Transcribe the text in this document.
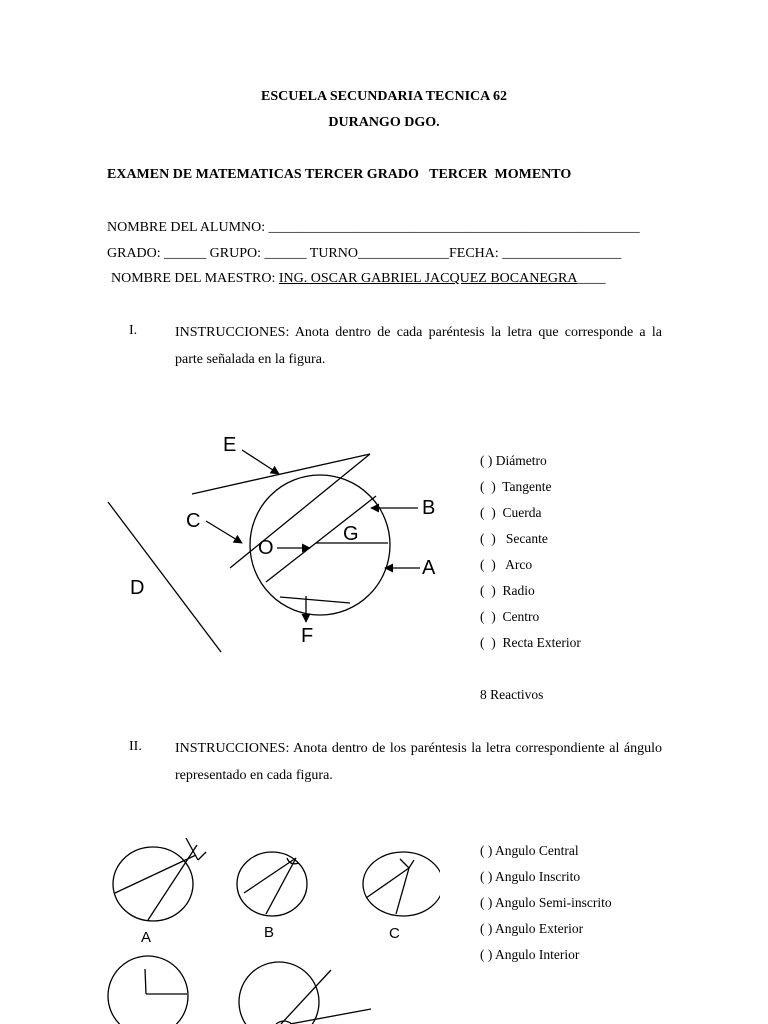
ESCUELA SECUNDARIA TECNICA 62
DURANGO DGO.
EXAMEN DE MATEMATICAS TERCER GRADO   TERCER  MOMENTO
NOMBRE DEL ALUMNO: _____________________________________________________
GRADO: ______ GRUPO: ______ TURNO_____________FECHA: _________________
NOMBRE DEL MAESTRO: ING. OSCAR GABRIEL JACQUEZ BOCANEGRA____
I.	INSTRUCCIONES: Anota dentro de cada paréntesis la letra que corresponde a la parte señalada en la figura.
E
C
O
G
B
A
D
F
( ) Diámetro
(  )  Tangente
(  )  Cuerda
(  )   Secante
(  )   Arco
(  )  Radio
(  )  Centro
(  )  Recta Exterior
8 Reactivos
II. INSTRUCCIONES: Anota dentro de los paréntesis la letra correspondiente al ángulo representado en cada figura.
A	B	C
( ) Angulo Central
( ) Angulo Inscrito
( ) Angulo Semi-inscrito
( ) Angulo Exterior
( ) Angulo Interior
